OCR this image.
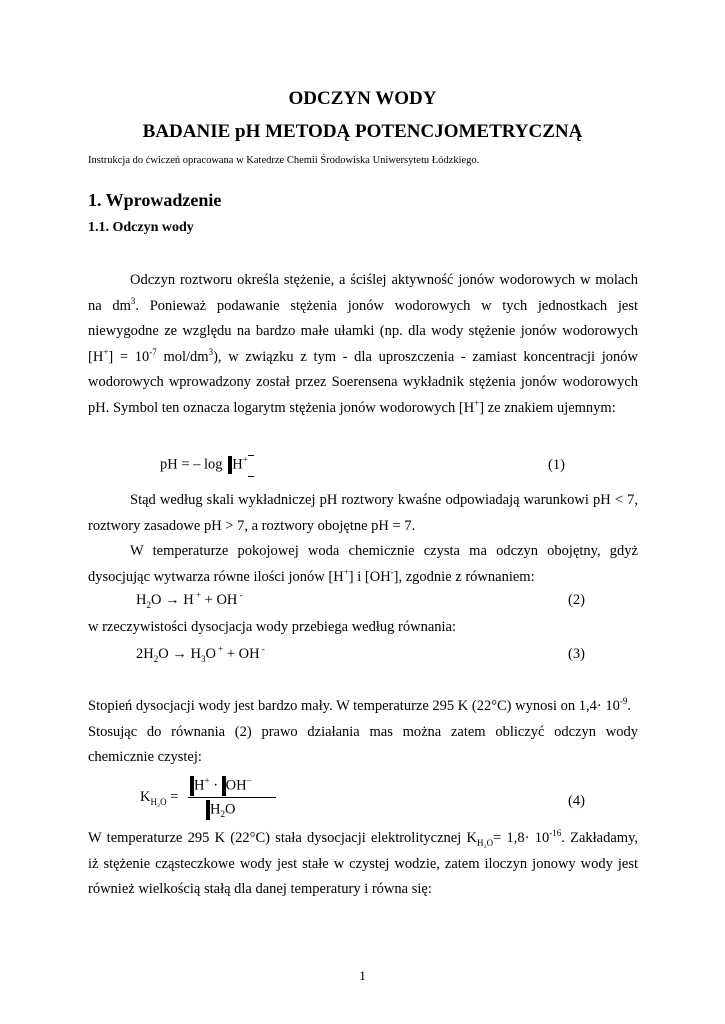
ODCZYN WODY
BADANIE pH METODĄ POTENCJOMETRYCZNĄ
Instrukcja do ćwiczeń opracowana w Katedrze Chemii Środowiska Uniwersytetu Łódzkiego.
1. Wprowadzenie
1.1. Odczyn wody
Odczyn roztworu określa stężenie, a ściślej aktywność jonów wodorowych w molach
na $dm^3$. Ponieważ podawanie stężenia jonów wodorowych w tych jednostkach jest
niewygodne ze względu na bardzo małe ułamki (np. dla wody stężenie jonów wodorowych
$[H^+] = 10^{-7}$ mol/$dm^3$), w związku z tym - dla uproszczenia - zamiast koncentracji jonów
wodorowych wprowadzony został przez Soerensena wykładnik stężenia jonów wodorowych
pH. Symbol ten oznacza logarytm stężenia jonów wodorowych [H+] ze znakiem ujemnym:
pH = – log H+	(1)
Stąd według skali wykładniczej pH roztwory kwaśne odpowiadają warunkowi pH < 7,
roztwory zasadowe pH > 7, a roztwory obojętne pH = 7.
W temperaturze pokojowej woda chemicznie czysta ma odczyn obojętny, gdyż
dysocjując wytwarza równe ilości jonów [H+] i [OH-], zgodnie z równaniem:
$H_2O \to H$ + + OH -	(2)
w rzeczywistości dysocjacja wody przebiega według równania:
$2H_2O \to H_3O$ + + OH -	(3)
Stopień dysocjacji wody jest bardzo mały. W temperaturze 295 K (22°C) wynosi on $1,4\cdot 10^{-9}$.
Stosując do równania (2) prawo działania mas można zatem obliczyć odczyn wody
chemicznie czystej:
$K_{H_2O}$ =
H+ · OH−
$H_2O$
(4)
W temperaturze 295 K (22°C) stała dysocjacji elektrolitycznej $K_{H_2O}= 1,8\cdot 10^{-16}$. Zakładamy,
iż stężenie cząsteczkowe wody jest stałe w czystej wodzie, zatem iloczyn jonowy wody jest
również wielkością stałą dla danej temperatury i równa się:
1
